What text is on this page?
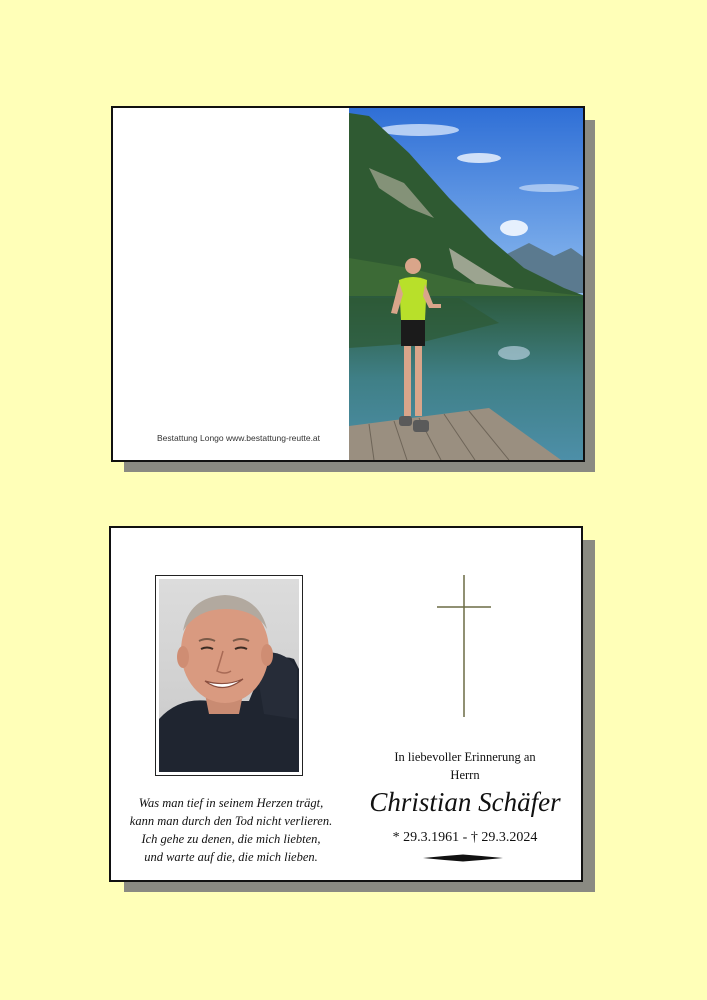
Bestattung Longo www.bestattung-reutte.at
Was man tief in seinem Herzen trägt,
kann man durch den Tod nicht verlieren.
Ich gehe zu denen, die mich liebten,
und warte auf die, die mich lieben.
In liebevoller Erinnerung an
Herrn
Christian Schäfer
* 29.3.1961 - † 29.3.2024
